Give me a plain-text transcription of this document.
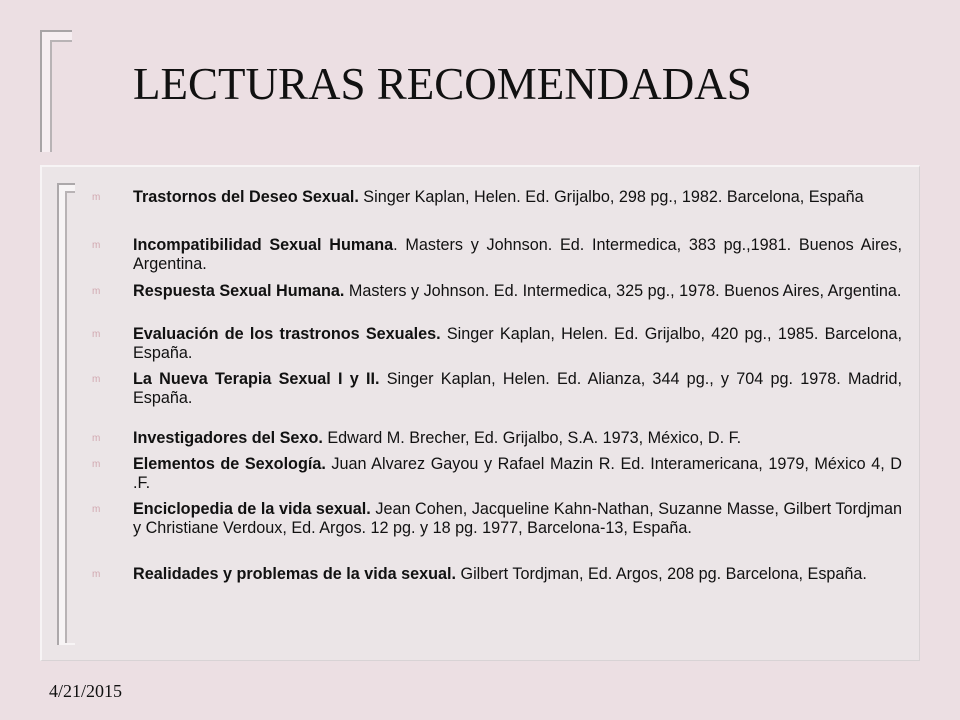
LECTURAS RECOMENDADAS
m	Trastornos del Deseo Sexual. Singer Kaplan, Helen. Ed. Grijalbo, 298 pg., 1982. Barcelona, España
m	Incompatibilidad Sexual Humana. Masters y Johnson. Ed. Intermedica, 383 pg.,1981. Buenos Aires, Argentina.
m	Respuesta Sexual Humana. Masters y Johnson. Ed. Intermedica, 325 pg., 1978. Buenos Aires, Argentina.
m	Evaluación de los trastronos Sexuales. Singer Kaplan, Helen. Ed. Grijalbo, 420 pg., 1985. Barcelona, España.
m	La Nueva Terapia Sexual I y II. Singer Kaplan, Helen. Ed. Alianza, 344 pg., y 704 pg. 1978. Madrid, España.
m	Investigadores del Sexo. Edward M. Brecher, Ed. Grijalbo, S.A. 1973, México, D. F.
m	Elementos de Sexología. Juan Alvarez Gayou y Rafael Mazin R. Ed. Interamericana, 1979, México 4, D .F.
m	Enciclopedia de la vida sexual. Jean Cohen, Jacqueline Kahn-Nathan, Suzanne Masse, Gilbert Tordjman y Christiane Verdoux, Ed. Argos. 12 pg. y 18 pg. 1977, Barcelona-13, España.
m	Realidades y problemas de la vida sexual. Gilbert Tordjman, Ed. Argos, 208 pg. Barcelona, España.
4/21/2015
